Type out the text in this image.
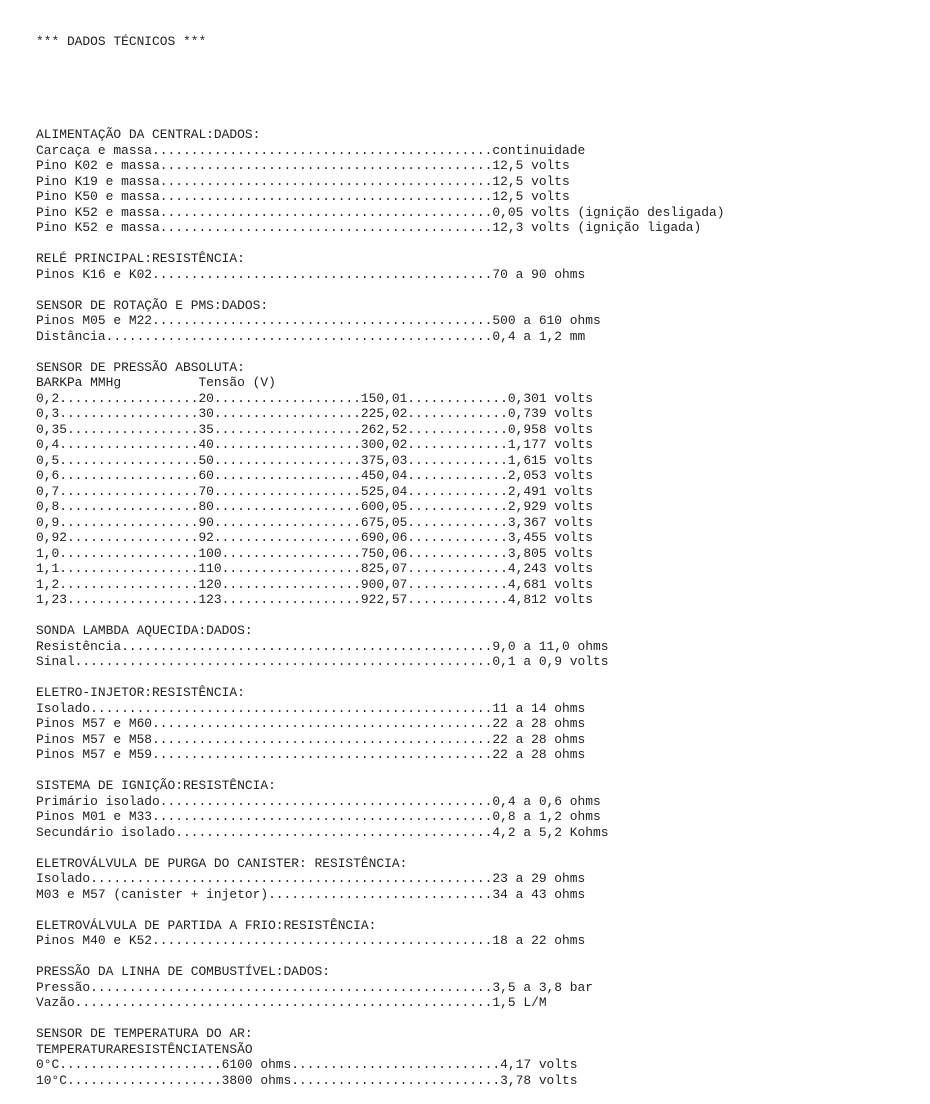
*** DADOS TÉCNICOS ***

ALIMENTAÇÃO DA CENTRAL:DADOS:
Carcaça e massa............................................continuidade
Pino K02 e massa...........................................12,5 volts
Pino K19 e massa...........................................12,5 volts
Pino K50 e massa...........................................12,5 volts
Pino K52 e massa...........................................0,05 volts (ignição desligada)
Pino K52 e massa...........................................12,3 volts (ignição ligada)
RELÉ PRINCIPAL:RESISTÊNCIA:
Pinos K16 e K02............................................70 a 90 ohms
SENSOR DE ROTAÇÃO E PMS:DADOS:
Pinos M05 e M22............................................500 a 610 ohms
Distância..................................................0,4 a 1,2 mm
SENSOR DE PRESSÃO ABSOLUTA:
BARKPa MMHg          Tensão (V)
0,2..................20...................150,01.............0,301 volts
0,3..................30...................225,02.............0,739 volts
0,35.................35...................262,52.............0,958 volts
0,4..................40...................300,02.............1,177 volts
0,5..................50...................375,03.............1,615 volts
0,6..................60...................450,04.............2,053 volts
0,7..................70...................525,04.............2,491 volts
0,8..................80...................600,05.............2,929 volts
0,9..................90...................675,05.............3,367 volts
0,92.................92...................690,06.............3,455 volts
1,0..................100..................750,06.............3,805 volts
1,1..................110..................825,07.............4,243 volts
1,2..................120..................900,07.............4,681 volts
1,23.................123..................922,57.............4,812 volts
SONDA LAMBDA AQUECIDA:DADOS:
Resistência................................................9,0 a 11,0 ohms
Sinal......................................................0,1 a 0,9 volts
ELETRO-INJETOR:RESISTÊNCIA:
Isolado....................................................11 a 14 ohms
Pinos M57 e M60............................................22 a 28 ohms
Pinos M57 e M58............................................22 a 28 ohms
Pinos M57 e M59............................................22 a 28 ohms
SISTEMA DE IGNIÇÃO:RESISTÊNCIA:
Primário isolado...........................................0,4 a 0,6 ohms
Pinos M01 e M33............................................0,8 a 1,2 ohms
Secundário isolado.........................................4,2 a 5,2 Kohms
ELETROVÁLVULA DE PURGA DO CANISTER: RESISTÊNCIA:
Isolado....................................................23 a 29 ohms
M03 e M57 (canister + injetor).............................34 a 43 ohms
ELETROVÁLVULA DE PARTIDA A FRIO:RESISTÊNCIA:
Pinos M40 e K52............................................18 a 22 ohms
PRESSÃO DA LINHA DE COMBUSTÍVEL:DADOS:
Pressão....................................................3,5 a 3,8 bar
Vazão......................................................1,5 L/M
SENSOR DE TEMPERATURA DO AR:
TEMPERATURARESISTÊNCIATENSÃO
0°C.....................6100 ohms...........................4,17 volts
10°C....................3800 ohms...........................3,78 volts
